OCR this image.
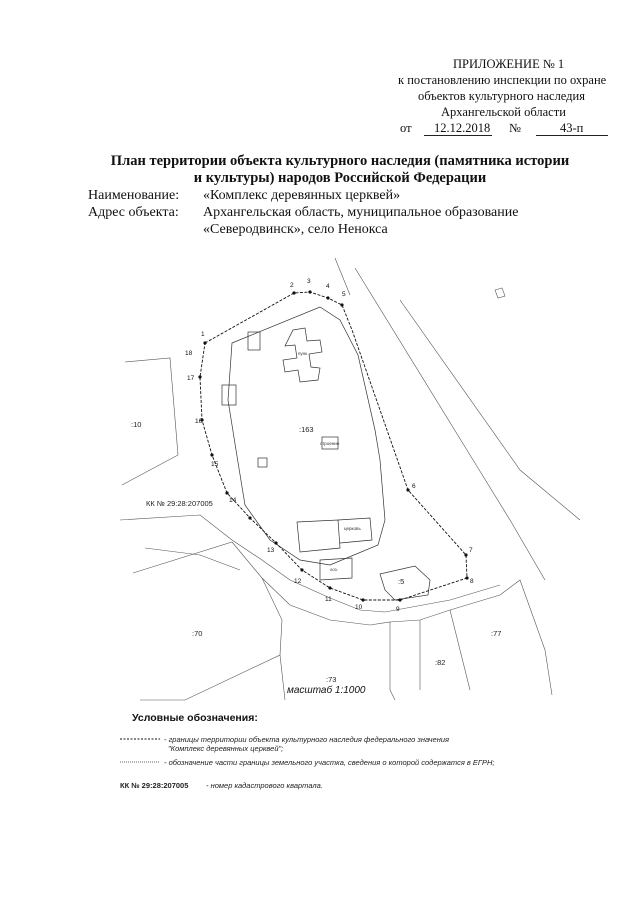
ПРИЛОЖЕНИЕ № 1
к постановлению инспекции по охране
объектов культурного наследия
Архангельской области
от 12.12.2018 №	43-п
План территории объекта культурного наследия (памятника истории
и культуры) народов Российской Федерации
Наименование: «Комплекс деревянных церквей»
Адрес объекта: Архангельская область, муниципальное образование
«Северодвинск», село Ненокса
1
2
3
4
5
6
7
8
9
10
11
12
13
14
15
16
17
18
:10
:163
:5
:70	:77
:82
:73
пунк
строение
хоз.
церковь
КК № 29:28:207005
масштаб 1:1000
Условные обозначения:
- границы территории объекта культурного наследия федерального значения
"Комплекс деревянных церквей";
- обозначение части границы земельного участка, сведения о которой содержатся в ЕГРН;
КК № 29:28:207005 - номер кадастрового квартала.
